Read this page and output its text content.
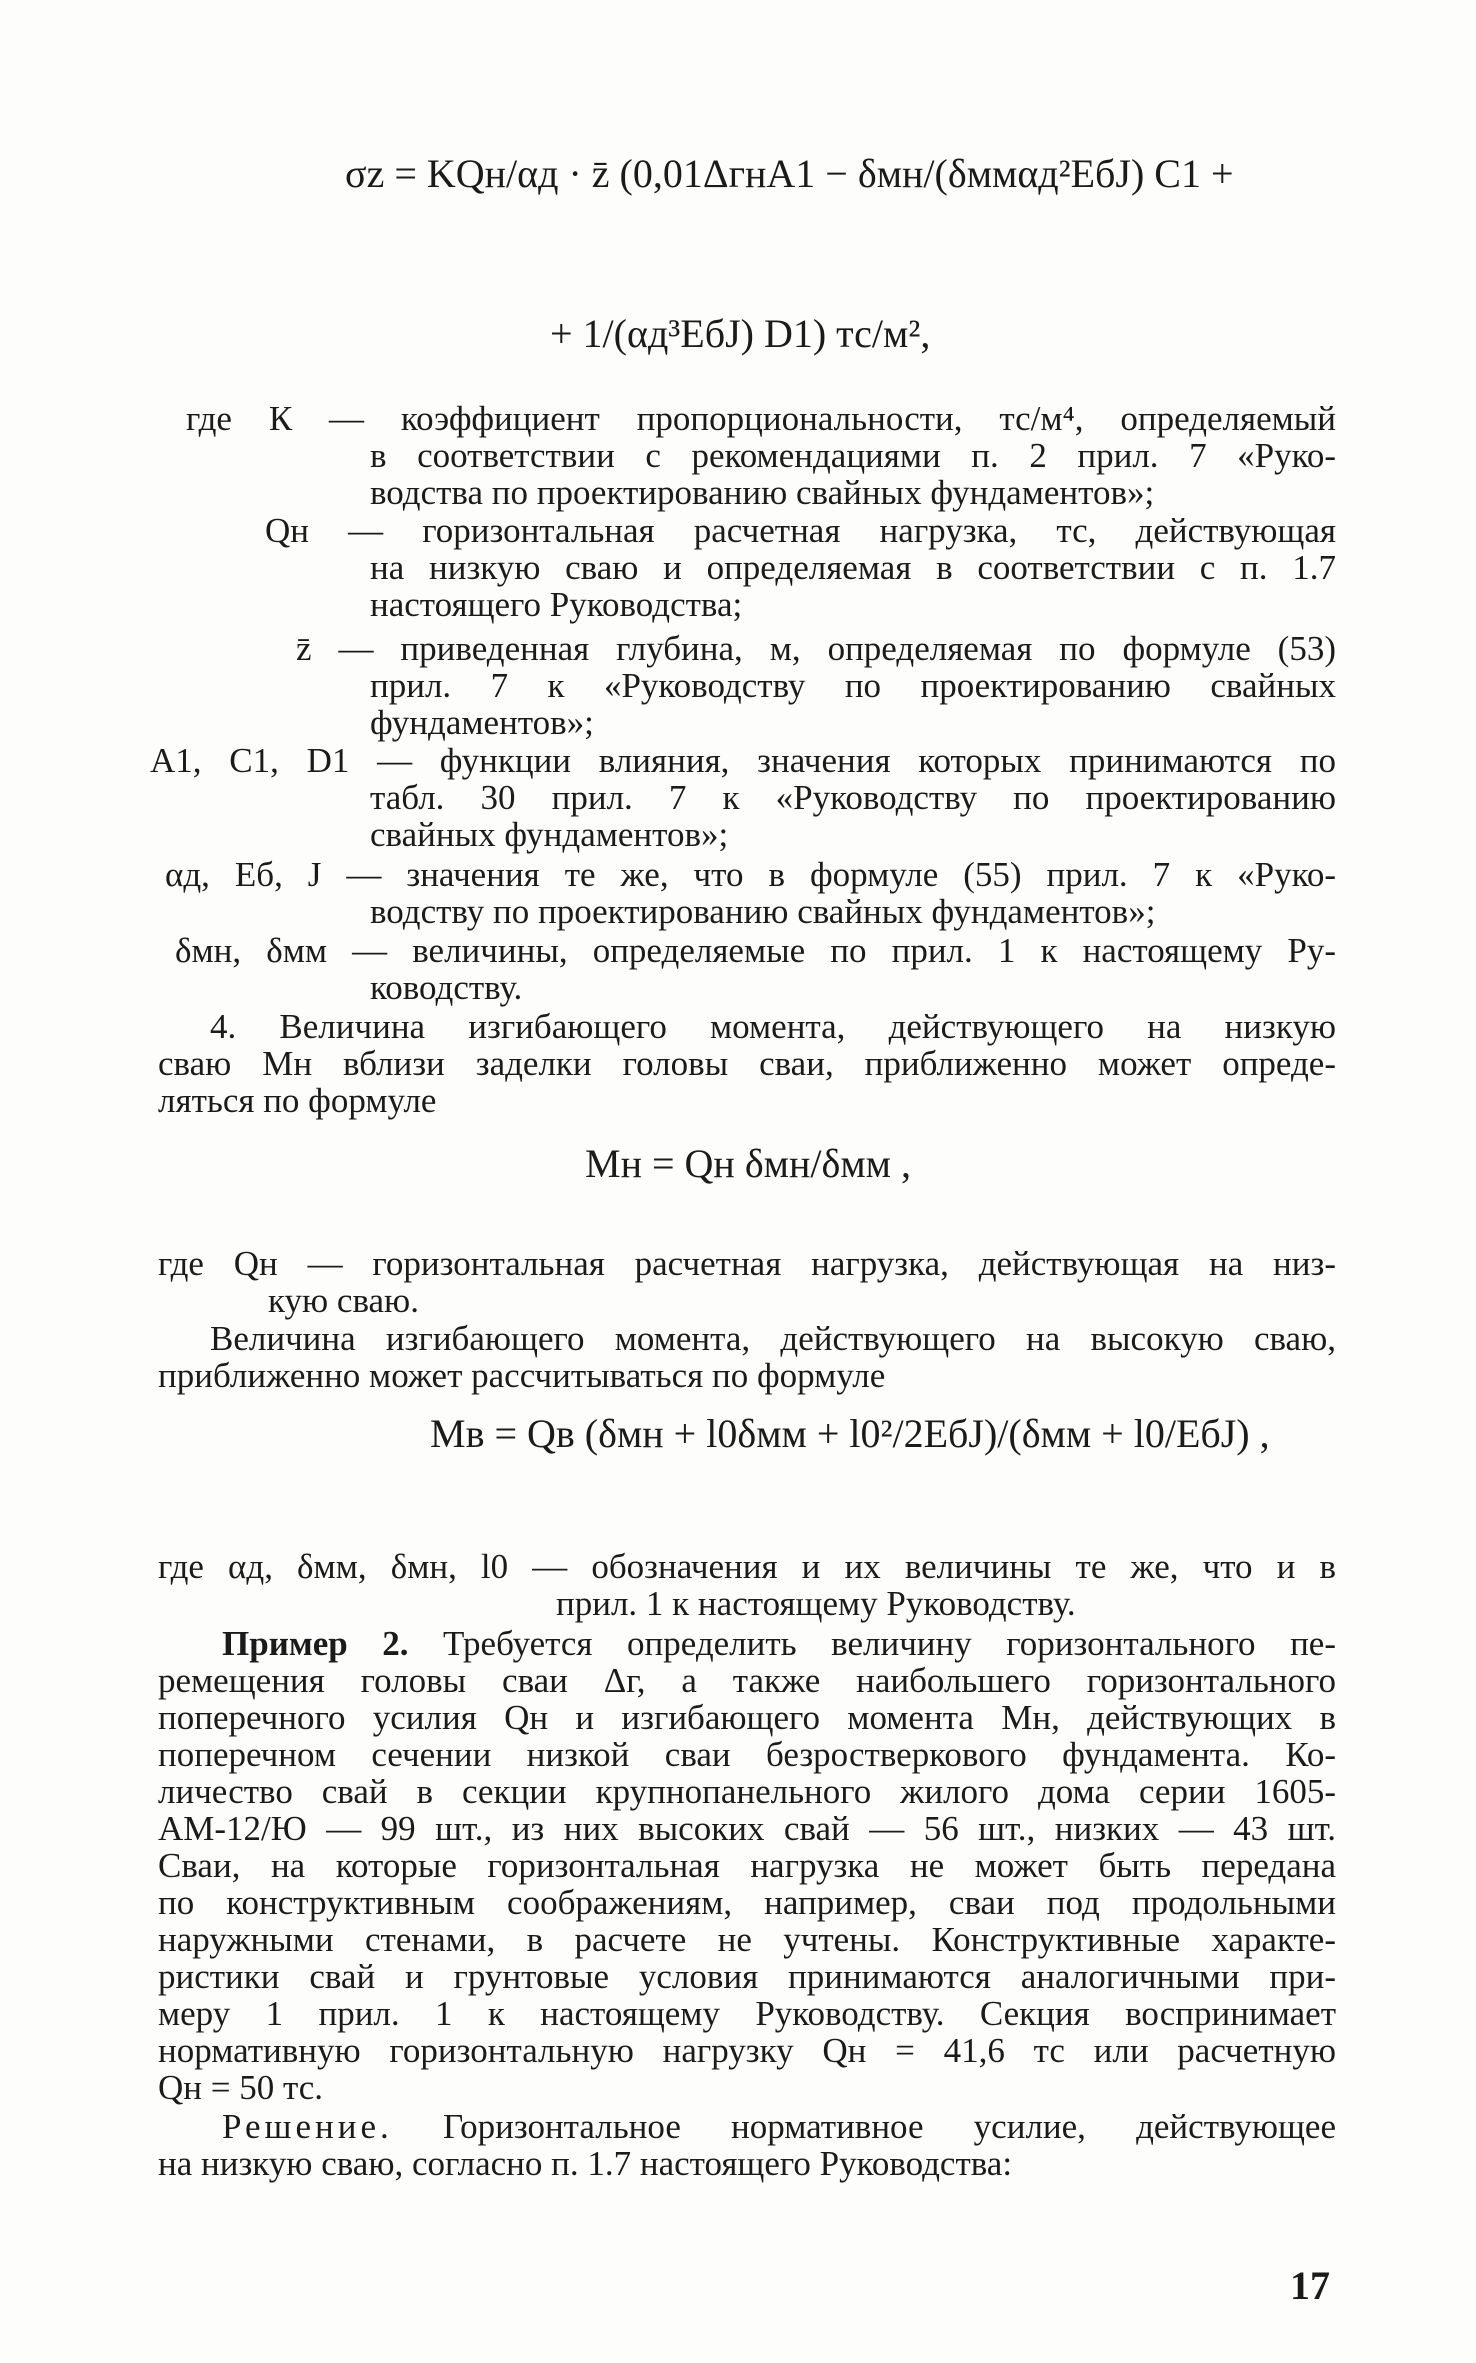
σz = KQн/αд · z̄ (0,01ΔгнA1 − δмн/(δммαд²EбJ) C1 +
+ 1/(αд³EбJ) D1) тс/м²,
где К — коэффициент пропорциональности, тс/м⁴, определяемый
в соответствии с рекомендациями п. 2 прил. 7 «Руко-
водства по проектированию свайных фундаментов»;
Qн — горизонтальная расчетная нагрузка, тс, действующая
на низкую сваю и определяемая в соответствии с п. 1.7
настоящего Руководства;
z̄ — приведенная глубина, м, определяемая по формуле (53)
прил. 7 к «Руководству по проектированию свайных
фундаментов»;
A1, C1, D1 — функции влияния, значения которых принимаются по
табл. 30 прил. 7 к «Руководству по проектированию
свайных фундаментов»;
αд, Eб, J — значения те же, что в формуле (55) прил. 7 к «Руко-
водству по проектированию свайных фундаментов»;
δмн, δмм — величины, определяемые по прил. 1 к настоящему Ру-
ководству.
4. Величина изгибающего момента, действующего на низкую
сваю Mн вблизи заделки головы сваи, приближенно может опреде-
ляться по формуле
Mн = Qн δмн/δмм ,
где Qн — горизонтальная расчетная нагрузка, действующая на низ-
кую сваю.
Величина изгибающего момента, действующего на высокую сваю,
приближенно может рассчитываться по формуле
Mв = Qв (δмн + l0δмм + l0²/2EбJ)/(δмм + l0/EбJ) ,
где αд, δмм, δмн, l0 — обозначения и их величины те же, что и в
прил. 1 к настоящему Руководству.
Пример 2. Требуется определить величину горизонтального пе-
ремещения головы сваи Δг, а также наибольшего горизонтального
поперечного усилия Qн и изгибающего момента Mн, действующих в
поперечном сечении низкой сваи безростверкового фундамента. Ко-
личество свай в секции крупнопанельного жилого дома серии 1605-
АМ-12/Ю — 99 шт., из них высоких свай — 56 шт., низких — 43 шт.
Сваи, на которые горизонтальная нагрузка не может быть передана
по конструктивным соображениям, например, сваи под продольными
наружными стенами, в расчете не учтены. Конструктивные характе-
ристики свай и грунтовые условия принимаются аналогичными при-
меру 1 прил. 1 к настоящему Руководству. Секция воспринимает
нормативную горизонтальную нагрузку Qн = 41,6 тс или расчетную
Qн = 50 тс.
Решение. Горизонтальное нормативное усилие, действующее
на низкую сваю, согласно п. 1.7 настоящего Руководства:
17
